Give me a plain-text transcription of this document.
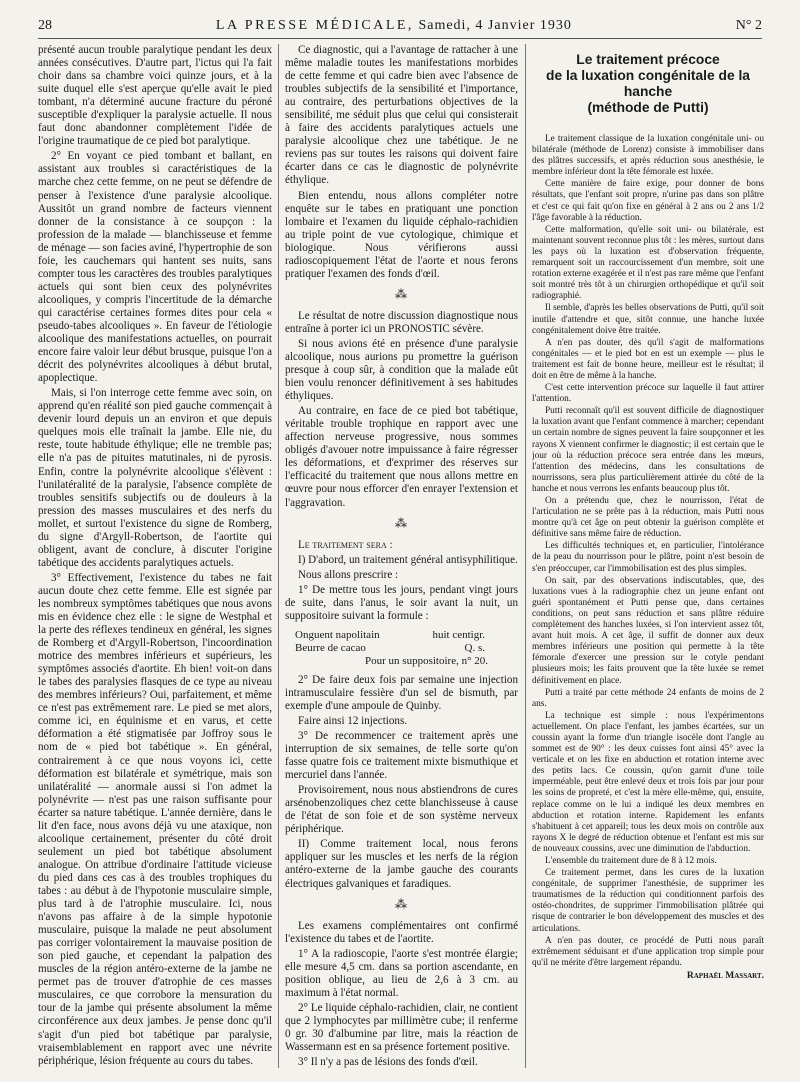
28	LA PRESSE MÉDICALE, Samedi, 4 Janvier 1930	N° 2

présenté aucun trouble paralytique pendant les deux années consécutives. D'autre part, l'ictus qui l'a fait choir dans sa chambre voici quinze jours, et à la suite duquel elle s'est aperçue qu'elle avait le pied tombant, n'a déterminé aucune fracture du péroné susceptible d'expliquer la paralysie actuelle. Il nous faut donc abandonner complètement l'idée de l'origine traumatique de ce pied bot paralytique.

2° En voyant ce pied tombant et ballant, en assistant aux troubles si caractéristiques de la marche chez cette femme, on ne peut se défendre de penser à l'existence d'une paralysie alcoolique. Aussitôt un grand nombre de facteurs viennent donner de la consistance à ce soupçon : la profession de la malade — blanchisseuse et femme de ménage — son facies aviné, l'hypertrophie de son foie, les cauchemars qui hantent ses nuits, sans compter tous les caractères des troubles paralytiques actuels qui sont bien ceux des polynévrites alcooliques, y compris l'incertitude de la démarche qui caractérise certaines formes dites pour cela « pseudo-tabes alcooliques ». En faveur de l'étiologie alcoolique des manifestations actuelles, on pourrait encore faire valoir leur début brusque, puisque l'on a décrit des polynévrites alcooliques à début brutal, apoplectique.

Mais, si l'on interroge cette femme avec soin, on apprend qu'en réalité son pied gauche commençait à devenir lourd depuis un an environ et que depuis quelques mois elle traînait la jambe. Elle nie, du reste, toute habitude éthylique; elle ne tremble pas; elle n'a pas de pituites matutinales, ni de pyrosis. Enfin, contre la polynévrite alcoolique s'élèvent : l'unilatéralité de la paralysie, l'absence complète de troubles sensitifs subjectifs ou de douleurs à la pression des masses musculaires et des nerfs du mollet, et surtout l'existence du signe de Romberg, du signe d'Argyll-Robertson, de l'aortite qui obligent, avant de conclure, à discuter l'origine tabétique des accidents paralytiques actuels.

3° Effectivement, l'existence du tabes ne fait aucun doute chez cette femme. Elle est signée par les nombreux symptômes tabétiques que nous avons mis en évidence chez elle : le signe de Westphal et la perte des réflexes tendineux en général, les signes de Romberg et d'Argyll-Robertson, l'incoordination motrice des membres inférieurs et supérieurs, les symptômes associés d'aortite. Eh bien! voit-on dans le tabes des paralysies flasques de ce type au niveau des membres inférieurs? Oui, parfaitement, et même ce n'est pas extrêmement rare. Le pied se met alors, comme ici, en équinisme et en varus, et cette déformation a été stigmatisée par Joffroy sous le nom de « pied bot tabétique ». En général, contrairement à ce que nous voyons ici, cette déformation est bilatérale et symétrique, mais son unilatéralité — anormale aussi si l'on admet la polynévrite — n'est pas une raison suffisante pour écarter sa nature tabétique. L'année dernière, dans le lit d'en face, nous avons déjà vu une ataxique, non alcoolique certainement, présenter du côté droit seulement un pied bot tabétique absolument analogue. On attribue d'ordinaire l'attitude vicieuse du pied dans ces cas à des troubles trophiques du tabes : au début à de l'hypotonie musculaire simple, plus tard à de l'atrophie musculaire. Ici, nous n'avons pas affaire à de la simple hypotonie musculaire, puisque la malade ne peut absolument pas corriger volontairement la mauvaise position de son pied gauche, et cependant la palpation des muscles de la région antéro-externe de la jambe ne permet pas de trouver d'atrophie de ces masses musculaires, ce que corrobore la mensuration du tour de la jambe qui présente absolument la même circonférence aux deux jambes. Je pense donc qu'il s'agit d'un pied bot tabétique par paralysie, vraisemblablement en rapport avec une névrite périphérique, lésion fréquente au cours du tabes.

Ce diagnostic, qui a l'avantage de rattacher à une même maladie toutes les manifestations morbides de cette femme et qui cadre bien avec l'absence de troubles subjectifs de la sensibilité et l'importance, au contraire, des perturbations objectives de la sensibilité, me séduit plus que celui qui consisterait à faire des accidents paralytiques actuels une paralysie alcoolique chez une tabétique. Je ne reviens pas sur toutes les raisons qui doivent faire écarter dans ce cas le diagnostic de polynévrite éthylique.

Bien entendu, nous allons compléter notre enquête sur le tabes en pratiquant une ponction lombaire et l'examen du liquide céphalo-rachidien au triple point de vue cytologique, chimique et biologique. Nous vérifierons aussi radioscopiquement l'état de l'aorte et nous ferons pratiquer l'examen des fonds d'œil.

⁂

Le résultat de notre discussion diagnostique nous entraîne à porter ici un PRONOSTIC sévère.

Si nous avions été en présence d'une paralysie alcoolique, nous aurions pu promettre la guérison presque à coup sûr, à condition que la malade eût bien voulu renoncer définitivement à ses habitudes éthyliques.

Au contraire, en face de ce pied bot tabétique, véritable trouble trophique en rapport avec une affection nerveuse progressive, nous sommes obligés d'avouer notre impuissance à faire régresser les déformations, et d'exprimer des réserves sur l'efficacité du traitement que nous allons mettre en œuvre pour nous efforcer d'en enrayer l'extension et l'aggravation.

⁂

Le traitement sera :

I) D'abord, un traitement général antisyphilitique.

Nous allons prescrire :

1° De mettre tous les jours, pendant vingt jours de suite, dans l'anus, le soir avant la nuit, un suppositoire suivant la formule :

Onguent napolitain	huit centigr.
Beurre de cacao	Q. s.
Pour un suppositoire, n° 20.

2° De faire deux fois par semaine une injection intramusculaire fessière d'un sel de bismuth, par exemple d'une ampoule de Quinby.

Faire ainsi 12 injections.

3° De recommencer ce traitement après une interruption de six semaines, de telle sorte qu'on fasse quatre fois ce traitement mixte bismuthique et mercuriel dans l'année.

Provisoirement, nous nous abstiendrons de cures arsénobenzoliques chez cette blanchisseuse à cause de l'état de son foie et de son système nerveux périphérique.

II) Comme traitement local, nous ferons appliquer sur les muscles et les nerfs de la région antéro-externe de la jambe gauche des courants électriques galvaniques et faradiques.

⁂

Les examens complémentaires ont confirmé l'existence du tabes et de l'aortite.

1° A la radioscopie, l'aorte s'est montrée élargie; elle mesure 4,5 cm. dans sa portion ascendante, en position oblique, au lieu de 2,6 à 3 cm. au maximum à l'état normal.

2° Le liquide céphalo-rachidien, clair, ne contient que 2 lymphocytes par millimètre cube; il renferme 0 gr. 30 d'albumine par litre, mais la réaction de Wassermann est en sa présence fortement positive.

3° Il n'y a pas de lésions des fonds d'œil.

Le traitement précoce
de la luxation congénitale de la hanche
(méthode de Putti)

Le traitement classique de la luxation congénitale uni- ou bilatérale (méthode de Lorenz) consiste à immobiliser dans des plâtres successifs, et après réduction sous anesthésie, le membre inférieur dont la tête fémorale est luxée.

Cette manière de faire exige, pour donner de bons résultats, que l'enfant soit propre, n'urine pas dans son plâtre et c'est ce qui fait qu'on fixe en général à 2 ans ou 2 ans 1/2 l'âge favorable à la réduction.

Cette malformation, qu'elle soit uni- ou bilatérale, est maintenant souvent reconnue plus tôt : les mères, surtout dans les pays où la luxation est d'observation fréquente, remarquent soit un raccourcissement d'un membre, soit une rotation externe exagérée et il n'est pas rare même que l'enfant soit montré très tôt à un chirurgien orthopédique et qu'il soit radiographié.

Il semble, d'après les belles observations de Putti, qu'il soit inutile d'attendre et que, sitôt connue, une hanche luxée congénitalement doive être traitée.

A n'en pas douter, dès qu'il s'agit de malformations congénitales — et le pied bot en est un exemple — plus le traitement est fait de bonne heure, meilleur est le résultat; il doit en être de même à la hanche.

C'est cette intervention précoce sur laquelle il faut attirer l'attention.

Putti reconnaît qu'il est souvent difficile de diagnostiquer la luxation avant que l'enfant commence à marcher; cependant un certain nombre de signes peuvent la faire soupçonner et les rayons X viennent confirmer le diagnostic; il est certain que le jour où la réduction précoce sera entrée dans les mœurs, l'attention des médecins, dans les consultations de nourrissons, sera plus particulièrement attirée du côté de la hanche et nous verrons les enfants beaucoup plus tôt.

On a prétendu que, chez le nourrisson, l'état de l'articulation ne se prête pas à la réduction, mais Putti nous montre qu'à cet âge on peut obtenir la guérison complète et définitive sans même faire de réduction.

Les difficultés techniques et, en particulier, l'intolérance de la peau du nourrisson pour le plâtre, point n'est besoin de s'en préoccuper, car l'immobilisation est des plus simples.

On sait, par des observations indiscutables, que, des luxations vues à la radiographie chez un jeune enfant ont guéri spontanément et Putti pense que, dans certaines conditions, on peut sans réduction et sans plâtre réduire complètement des hanches luxées, si l'on intervient assez tôt, avant huit mois. A cet âge, il suffit de donner aux deux membres inférieurs une position qui permette à la tête fémorale d'exercer une pression sur le cotyle pendant plusieurs mois; les faits prouvent que la tête luxée se remet définitivement en place.

Putti a traité par cette méthode 24 enfants de moins de 2 ans.

La technique est simple : nous l'expérimentons actuellement. On place l'enfant, les jambes écartées, sur un coussin ayant la forme d'un triangle isocèle dont l'angle au sommet est de 90° : les deux cuisses font ainsi 45° avec la verticale et on les fixe en abduction et rotation interne avec des petits lacs. Ce coussin, qu'on garnit d'une toile imperméable, peut être enlevé deux et trois fois par jour pour les soins de propreté, et c'est la mère elle-même, qui, ensuite, replace comme on le lui a indiqué les deux membres en abduction et rotation interne. Rapidement les enfants s'habituent à cet appareil; tous les deux mois on contrôle aux rayons X le degré de réduction obtenue et l'enfant est mis sur de nouveaux coussins, avec une diminution de l'abduction.

L'ensemble du traitement dure de 8 à 12 mois.

Ce traitement permet, dans les cures de la luxation congénitale, de supprimer l'anesthésie, de supprimer les traumatismes de la réduction qui conditionnent parfois des ostéo-chondrites, de supprimer l'immobilisation plâtrée qui risque de contrarier le bon développement des muscles et des articulations.

A n'en pas douter, ce procédé de Putti nous paraît extrêmement séduisant et d'une application trop simple pour qu'il ne mérite d'être largement répandu.

Raphaël Massart.
